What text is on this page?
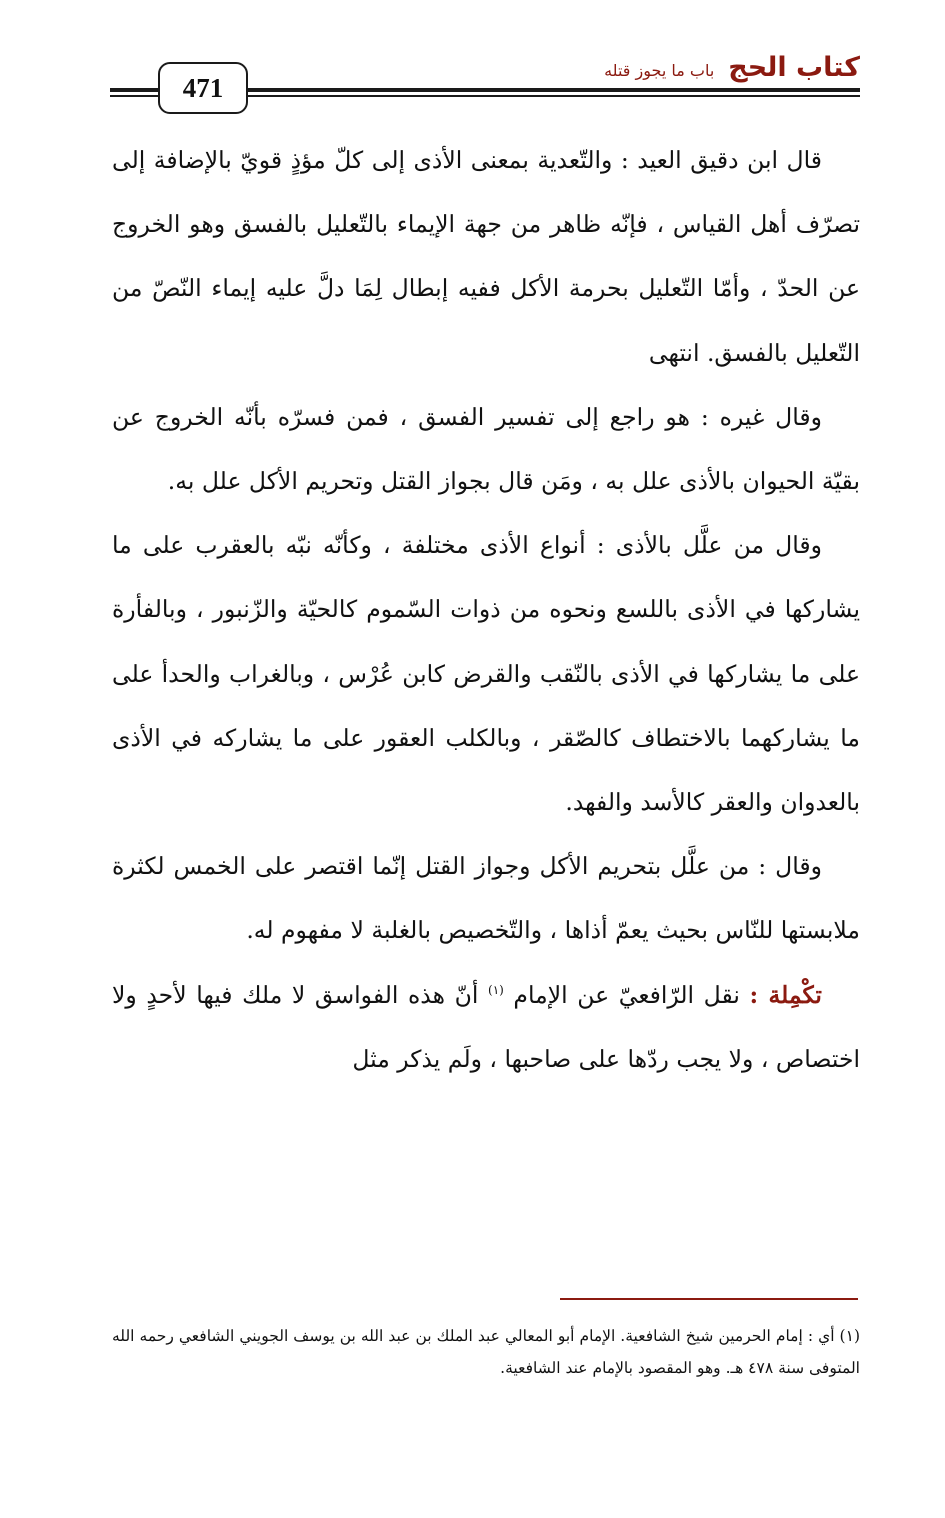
471
كتاب الحج
باب ما يجوز قتله

قال ابن دقيق العيد : والتّعدية بمعنى الأذى إلى كلّ مؤذٍ قويّ بالإضافة إلى تصرّف أهل القياس ، فإنّه ظاهر من جهة الإيماء بالتّعليل بالفسق وهو الخروج عن الحدّ ، وأمّا التّعليل بحرمة الأكل ففيه إبطال لِمَا دلَّ عليه إيماء النّصّ من التّعليل بالفسق. انتهى

وقال غيره : هو راجع إلى تفسير الفسق ، فمن فسرّه بأنّه الخروج عن بقيّة الحيوان بالأذى علل به ، ومَن قال بجواز القتل وتحريم الأكل علل به.

وقال من علَّل بالأذى : أنواع الأذى مختلفة ، وكأنّه نبّه بالعقرب على ما يشاركها في الأذى باللسع ونحوه من ذوات السّموم كالحيّة والزّنبور ، وبالفأرة على ما يشاركها في الأذى بالنّقب والقرض كابن عُرْس ، وبالغراب والحدأ على ما يشاركهما بالاختطاف كالصّقر ، وبالكلب العقور على ما يشاركه في الأذى بالعدوان والعقر كالأسد والفهد.

وقال : من علَّل بتحريم الأكل وجواز القتل إنّما اقتصر على الخمس لكثرة ملابستها للنّاس بحيث يعمّ أذاها ، والتّخصيص بالغلبة لا مفهوم له.

تكْمِلة : نقل الرّافعيّ عن الإمام $^{(١)}$ أنّ هذه الفواسق لا ملك فيها لأحدٍ ولا اختصاص ، ولا يجب ردّها على صاحبها ، ولَم يذكر مثل

(١) أي : إمام الحرمين شيخ الشافعية. الإمام أبو المعالي عبد الملك بن عبد الله بن يوسف الجويني الشافعي رحمه الله المتوفى سنة ٤٧٨ هـ. وهو المقصود بالإمام عند الشافعية.
